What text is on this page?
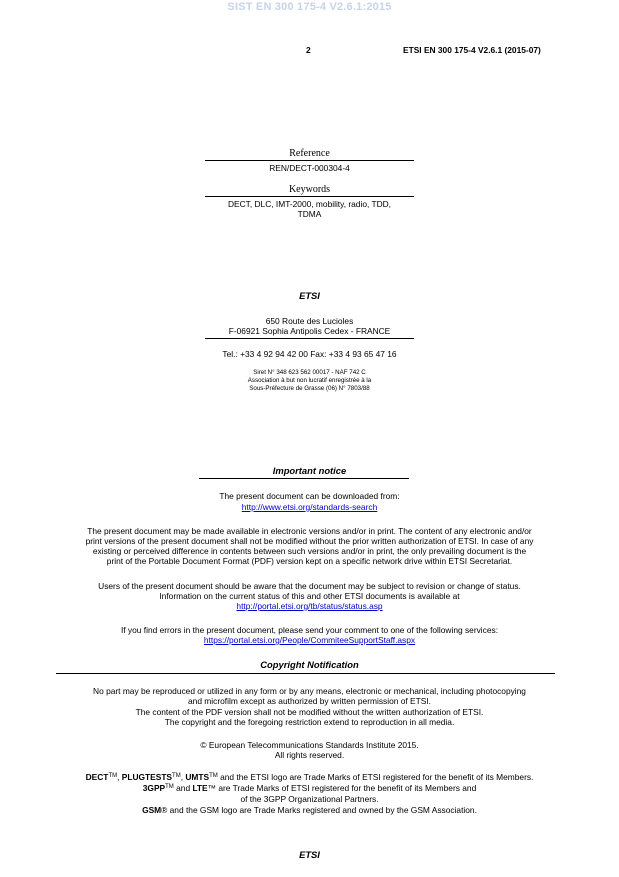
SIST EN 300 175-4 V2.6.1:2015
2	ETSI EN 300 175-4 V2.6.1 (2015-07)
Reference
REN/DECT-000304-4
Keywords
DECT, DLC, IMT-2000, mobility, radio, TDD,
TDMA
ETSI
650 Route des Lucioles
F-06921 Sophia Antipolis Cedex - FRANCE
Tel.: +33 4 92 94 42 00 Fax: +33 4 93 65 47 16
Siret N° 348 623 562 00017 - NAF 742 C
Association à but non lucratif enregistrée à la
Sous-Préfecture de Grasse (06) N° 7803/88
Important notice
The present document can be downloaded from:
http://www.etsi.org/standards-search
The present document may be made available in electronic versions and/or in print. The content of any electronic and/or
print versions of the present document shall not be modified without the prior written authorization of ETSI. In case of any
existing or perceived difference in contents between such versions and/or in print, the only prevailing document is the
print of the Portable Document Format (PDF) version kept on a specific network drive within ETSI Secretariat.
Users of the present document should be aware that the document may be subject to revision or change of status.
Information on the current status of this and other ETSI documents is available at
http://portal.etsi.org/tb/status/status.asp
If you find errors in the present document, please send your comment to one of the following services:
https://portal.etsi.org/People/CommiteeSupportStaff.aspx
Copyright Notification
No part may be reproduced or utilized in any form or by any means, electronic or mechanical, including photocopying
and microfilm except as authorized by written permission of ETSI.
The content of the PDF version shall not be modified without the written authorization of ETSI.
The copyright and the foregoing restriction extend to reproduction in all media.
© European Telecommunications Standards Institute 2015.
All rights reserved.
DECT™, PLUGTESTS™, UMTS™ and the ETSI logo are Trade Marks of ETSI registered for the benefit of its Members.
3GPP™ and LTE™ are Trade Marks of ETSI registered for the benefit of its Members and
of the 3GPP Organizational Partners.
GSM® and the GSM logo are Trade Marks registered and owned by the GSM Association.
ETSI
